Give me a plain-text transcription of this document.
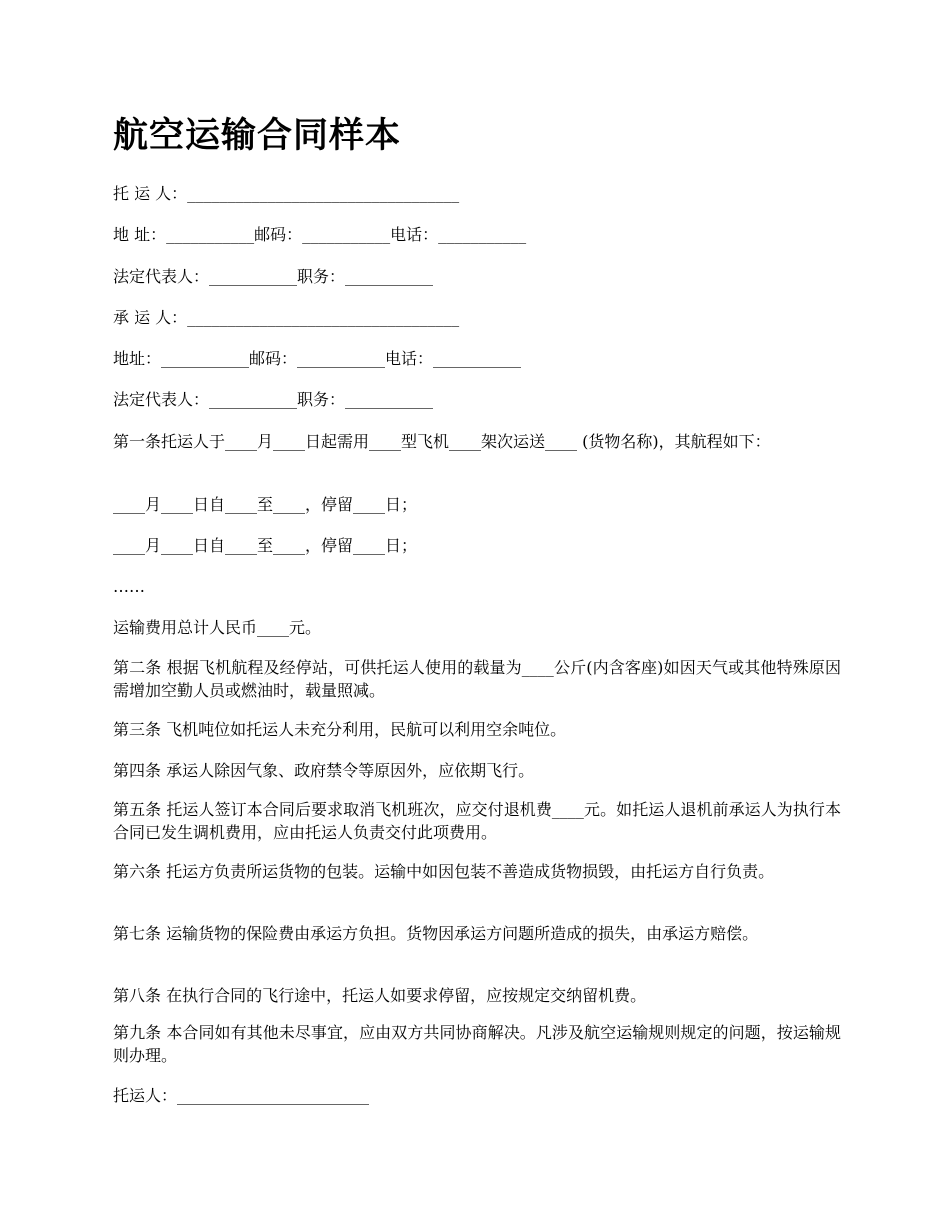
航空运输合同样本

托 运 人：__________________________________

地 址：___________邮码：___________电话：___________

法定代表人：___________职务：___________

承 运 人：__________________________________

地址：___________邮码：___________电话：___________

法定代表人：___________职务：___________

第一条托运人于____月____日起需用____型飞机____架次运送____ (货物名称)，其航程如下：

____月____日自____至____，停留____日；

____月____日自____至____，停留____日；

……

运输费用总计人民币____元。

第二条 根据飞机航程及经停站，可供托运人使用的载量为____公斤(内含客座)如因天气或其他特殊原因需增加空勤人员或燃油时，载量照减。

第三条 飞机吨位如托运人未充分利用，民航可以利用空余吨位。

第四条 承运人除因气象、政府禁令等原因外，应依期飞行。

第五条 托运人签订本合同后要求取消飞机班次，应交付退机费____元。如托运人退机前承运人为执行本合同已发生调机费用，应由托运人负责交付此项费用。

第六条 托运方负责所运货物的包装。运输中如因包装不善造成货物损毁，由托运方自行负责。

第七条 运输货物的保险费由承运方负担。货物因承运方问题所造成的损失，由承运方赔偿。

第八条 在执行合同的飞行途中，托运人如要求停留，应按规定交纳留机费。

第九条 本合同如有其他未尽事宜，应由双方共同协商解决。凡涉及航空运输规则规定的问题，按运输规则办理。

托运人：________________________
